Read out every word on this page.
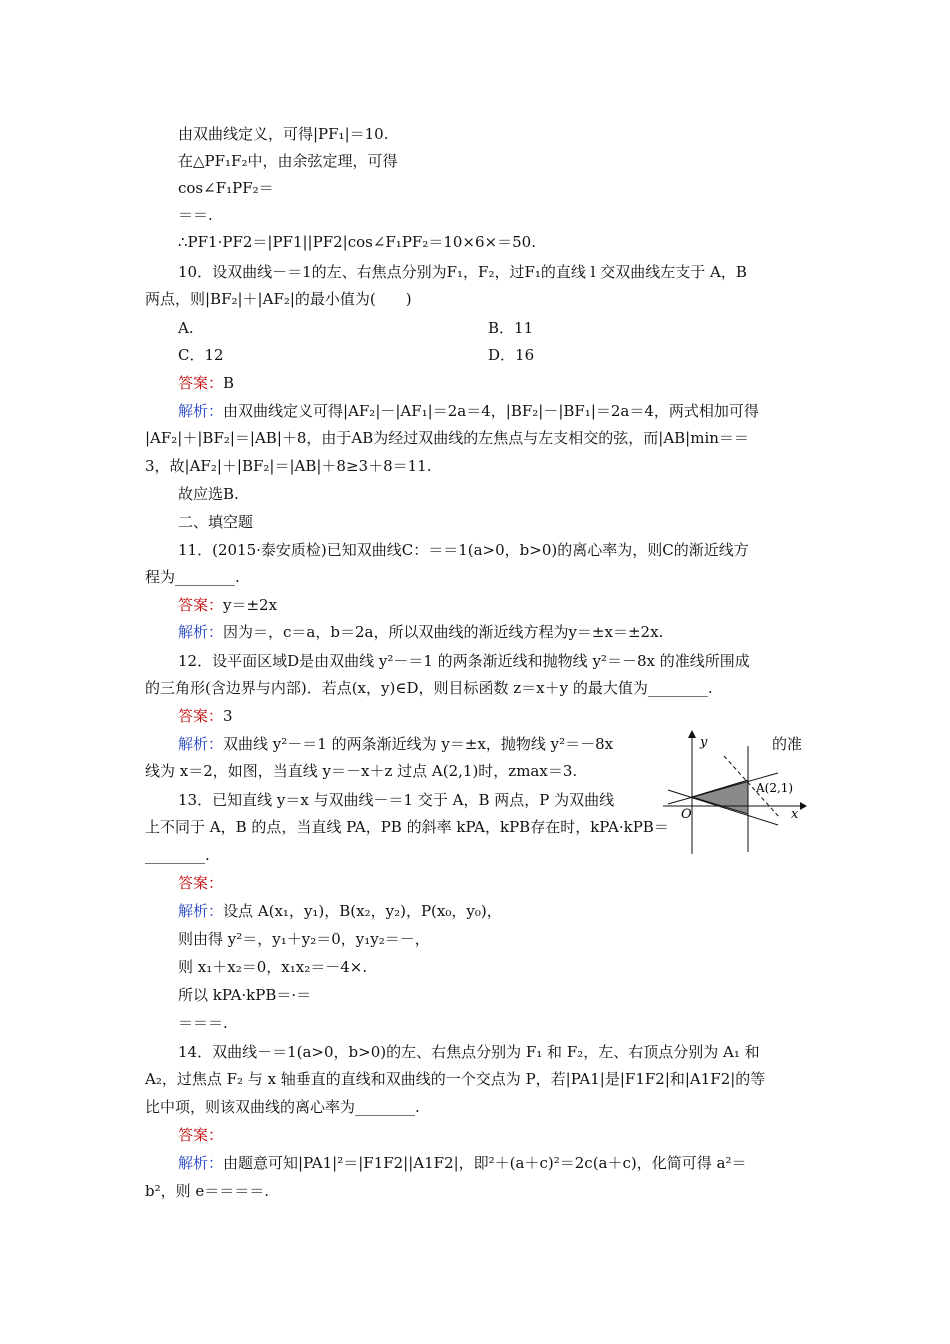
由双曲线定义，可得|PF₁|＝10.
在△PF₁F₂中，由余弦定理，可得
cos∠F₁PF₂＝
＝＝.
∴PF1·PF2＝|PF1||PF2|cos∠F₁PF₂＝10×6×＝50.
10．设双曲线－＝1的左、右焦点分别为F₁，F₂，过F₁的直线 l 交双曲线左支于 A，B
两点，则|BF₂|＋|AF₂|的最小值为(　　)
A.	B．11
C．12	D．16
答案：B
解析：由双曲线定义可得|AF₂|－|AF₁|＝2a＝4，|BF₂|－|BF₁|＝2a＝4，两式相加可得
|AF₂|＋|BF₂|＝|AB|＋8，由于AB为经过双曲线的左焦点与左支相交的弦，而|AB|min＝＝
3，故|AF₂|＋|BF₂|＝|AB|＋8≥3＋8＝11.
故应选B.
二、填空题
11．(2015·泰安质检)已知双曲线C：＝＝1(a>0，b>0)的离心率为，则C的渐近线方
程为________.
答案：y＝±2x
解析：因为＝，c＝a，b＝2a，所以双曲线的渐近线方程为y＝±x＝±2x.
12．设平面区域D是由双曲线 y²－＝1 的两条渐近线和抛物线 y²＝－8x 的准线所围成
的三角形(含边界与内部)．若点(x，y)∈D，则目标函数 z＝x＋y 的最大值为________.
答案：3
解析：双曲线 y²－＝1 的两条渐近线为 y＝±x，抛物线 y²＝－8x	的准
线为 x＝2，如图，当直线 y＝－x＋z 过点 A(2,1)时，zmax＝3.
y
x
O
A(2,1)
13．已知直线 y＝x 与双曲线－＝1 交于 A，B 两点，P 为双曲线
上不同于 A，B 的点，当直线 PA，PB 的斜率 kPA，kPB存在时，kPA·kPB＝
________.
答案：
解析：设点 A(x₁，y₁)，B(x₂，y₂)，P(x₀，y₀)，
则由得 y²＝，y₁＋y₂＝0，y₁y₂＝－，
则 x₁＋x₂＝0，x₁x₂＝－4×.
所以 kPA·kPB＝·＝
＝＝＝.
14．双曲线－＝1(a>0，b>0)的左、右焦点分别为 F₁ 和 F₂，左、右顶点分别为 A₁ 和
A₂，过焦点 F₂ 与 x 轴垂直的直线和双曲线的一个交点为 P，若|PA1|是|F1F2|和|A1F2|的等
比中项，则该双曲线的离心率为________.
答案：
解析：由题意可知|PA1|²＝|F1F2||A1F2|，即²＋(a＋c)²＝2c(a＋c)，化简可得 a²＝
b²，则 e＝＝＝＝.
